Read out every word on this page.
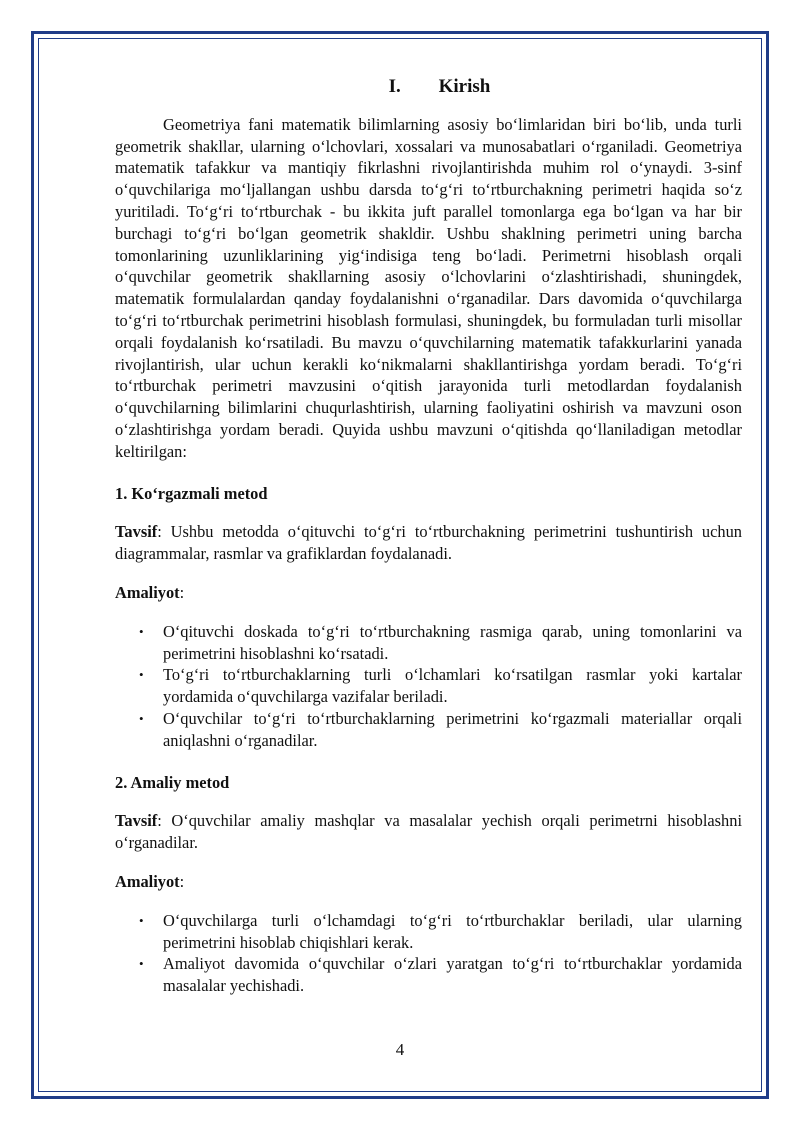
I. Kirish

Geometriya fani matematik bilimlarning asosiy bo‘limlaridan biri bo‘lib, unda turli geometrik shakllar, ularning o‘lchovlari, xossalari va munosabatlari o‘rganiladi. Geometriya matematik tafakkur va mantiqiy fikrlashni rivojlantirishda muhim rol o‘ynaydi. 3-sinf o‘quvchilariga mo‘ljallangan ushbu darsda to‘g‘ri to‘rtburchakning perimetri haqida so‘z yuritiladi. To‘g‘ri to‘rtburchak - bu ikkita juft parallel tomonlarga ega bo‘lgan va har bir burchagi to‘g‘ri bo‘lgan geometrik shakldir. Ushbu shaklning perimetri uning barcha tomonlarining uzunliklarining yig‘indisiga teng bo‘ladi. Perimetrni hisoblash orqali o‘quvchilar geometrik shakllarning asosiy o‘lchovlarini o‘zlashtirishadi, shuningdek, matematik formulalardan qanday foydalanishni o‘rganadilar. Dars davomida o‘quvchilarga to‘g‘ri to‘rtburchak perimetrini hisoblash formulasi, shuningdek, bu formuladan turli misollar orqali foydalanish ko‘rsatiladi. Bu mavzu o‘quvchilarning matematik tafakkurlarini yanada rivojlantirish, ular uchun kerakli ko‘nikmalarni shakllantirishga yordam beradi. To‘g‘ri to‘rtburchak perimetri mavzusini o‘qitish jarayonida turli metodlardan foydalanish o‘quvchilarning bilimlarini chuqurlashtirish, ularning faoliyatini oshirish va mavzuni oson o‘zlashtirishga yordam beradi. Quyida ushbu mavzuni o‘qitishda qo‘llaniladigan metodlar keltirilgan:

1. Ko‘rgazmali metod

Tavsif: Ushbu metodda o‘qituvchi to‘g‘ri to‘rtburchakning perimetrini tushuntirish uchun diagrammalar, rasmlar va grafiklardan foydalanadi.

Amaliyot:

• O‘qituvchi doskada to‘g‘ri to‘rtburchakning rasmiga qarab, uning tomonlarini va perimetrini hisoblashni ko‘rsatadi.
• To‘g‘ri to‘rtburchaklarning turli o‘lchamlari ko‘rsatilgan rasmlar yoki kartalar yordamida o‘quvchilarga vazifalar beriladi.
• O‘quvchilar to‘g‘ri to‘rtburchaklarning perimetrini ko‘rgazmali materiallar orqali aniqlashni o‘rganadilar.

2. Amaliy metod

Tavsif: O‘quvchilar amaliy mashqlar va masalalar yechish orqali perimetrni hisoblashni o‘rganadilar.

Amaliyot:

• O‘quvchilarga turli o‘lchamdagi to‘g‘ri to‘rtburchaklar beriladi, ular ularning perimetrini hisoblab chiqishlari kerak.
• Amaliyot davomida o‘quvchilar o‘zlari yaratgan to‘g‘ri to‘rtburchaklar yordamida masalalar yechishadi.
4
